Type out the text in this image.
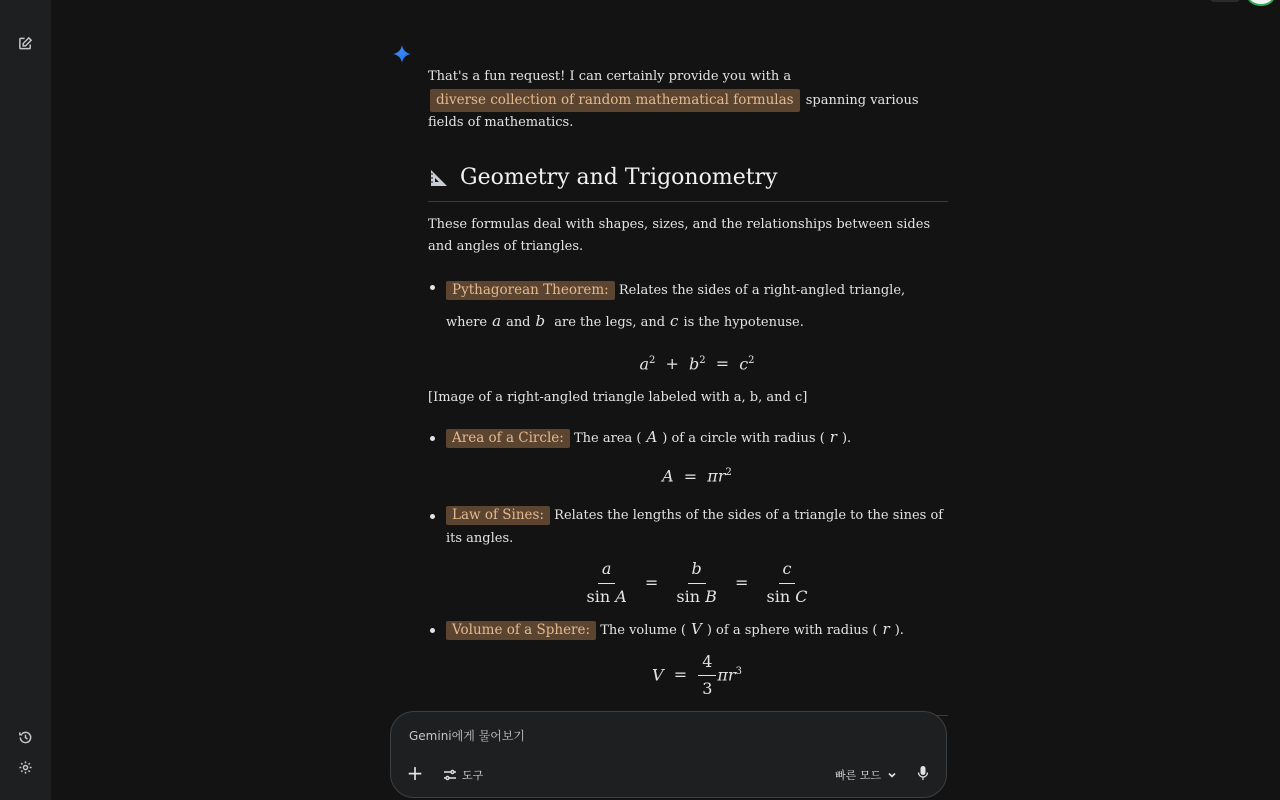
That's a fun request! I can certainly provide you with a
diverse collection of random mathematical formulas spanning various fields of mathematics.

Geometry and Trigonometry

These formulas deal with shapes, sizes, and the relationships between sides and angles of triangles.

Pythagorean Theorem: Relates the sides of a right-angled triangle, where a and b are the legs, and c is the hypotenuse.
$a^2 + b^2 = c^2$

[Image of a right-angled triangle labeled with a, b, and c]

Area of a Circle: The area ( A ) of a circle with radius ( r ).
$A = \pi r^2$
Law of Sines: Relates the lengths of the sides of a triangle to the sines of its angles.
$\frac{a}{\text{sin A}} = \frac{b}{\text{sin B}} = \frac{c}{\text{sin C}}$
Volume of a Sphere: The volume ( V ) of a sphere with radius ( r ).
$V = \frac{4}{3} \pi r^3$
Gemini에게 물어보기
+	도구	빠른 모드
